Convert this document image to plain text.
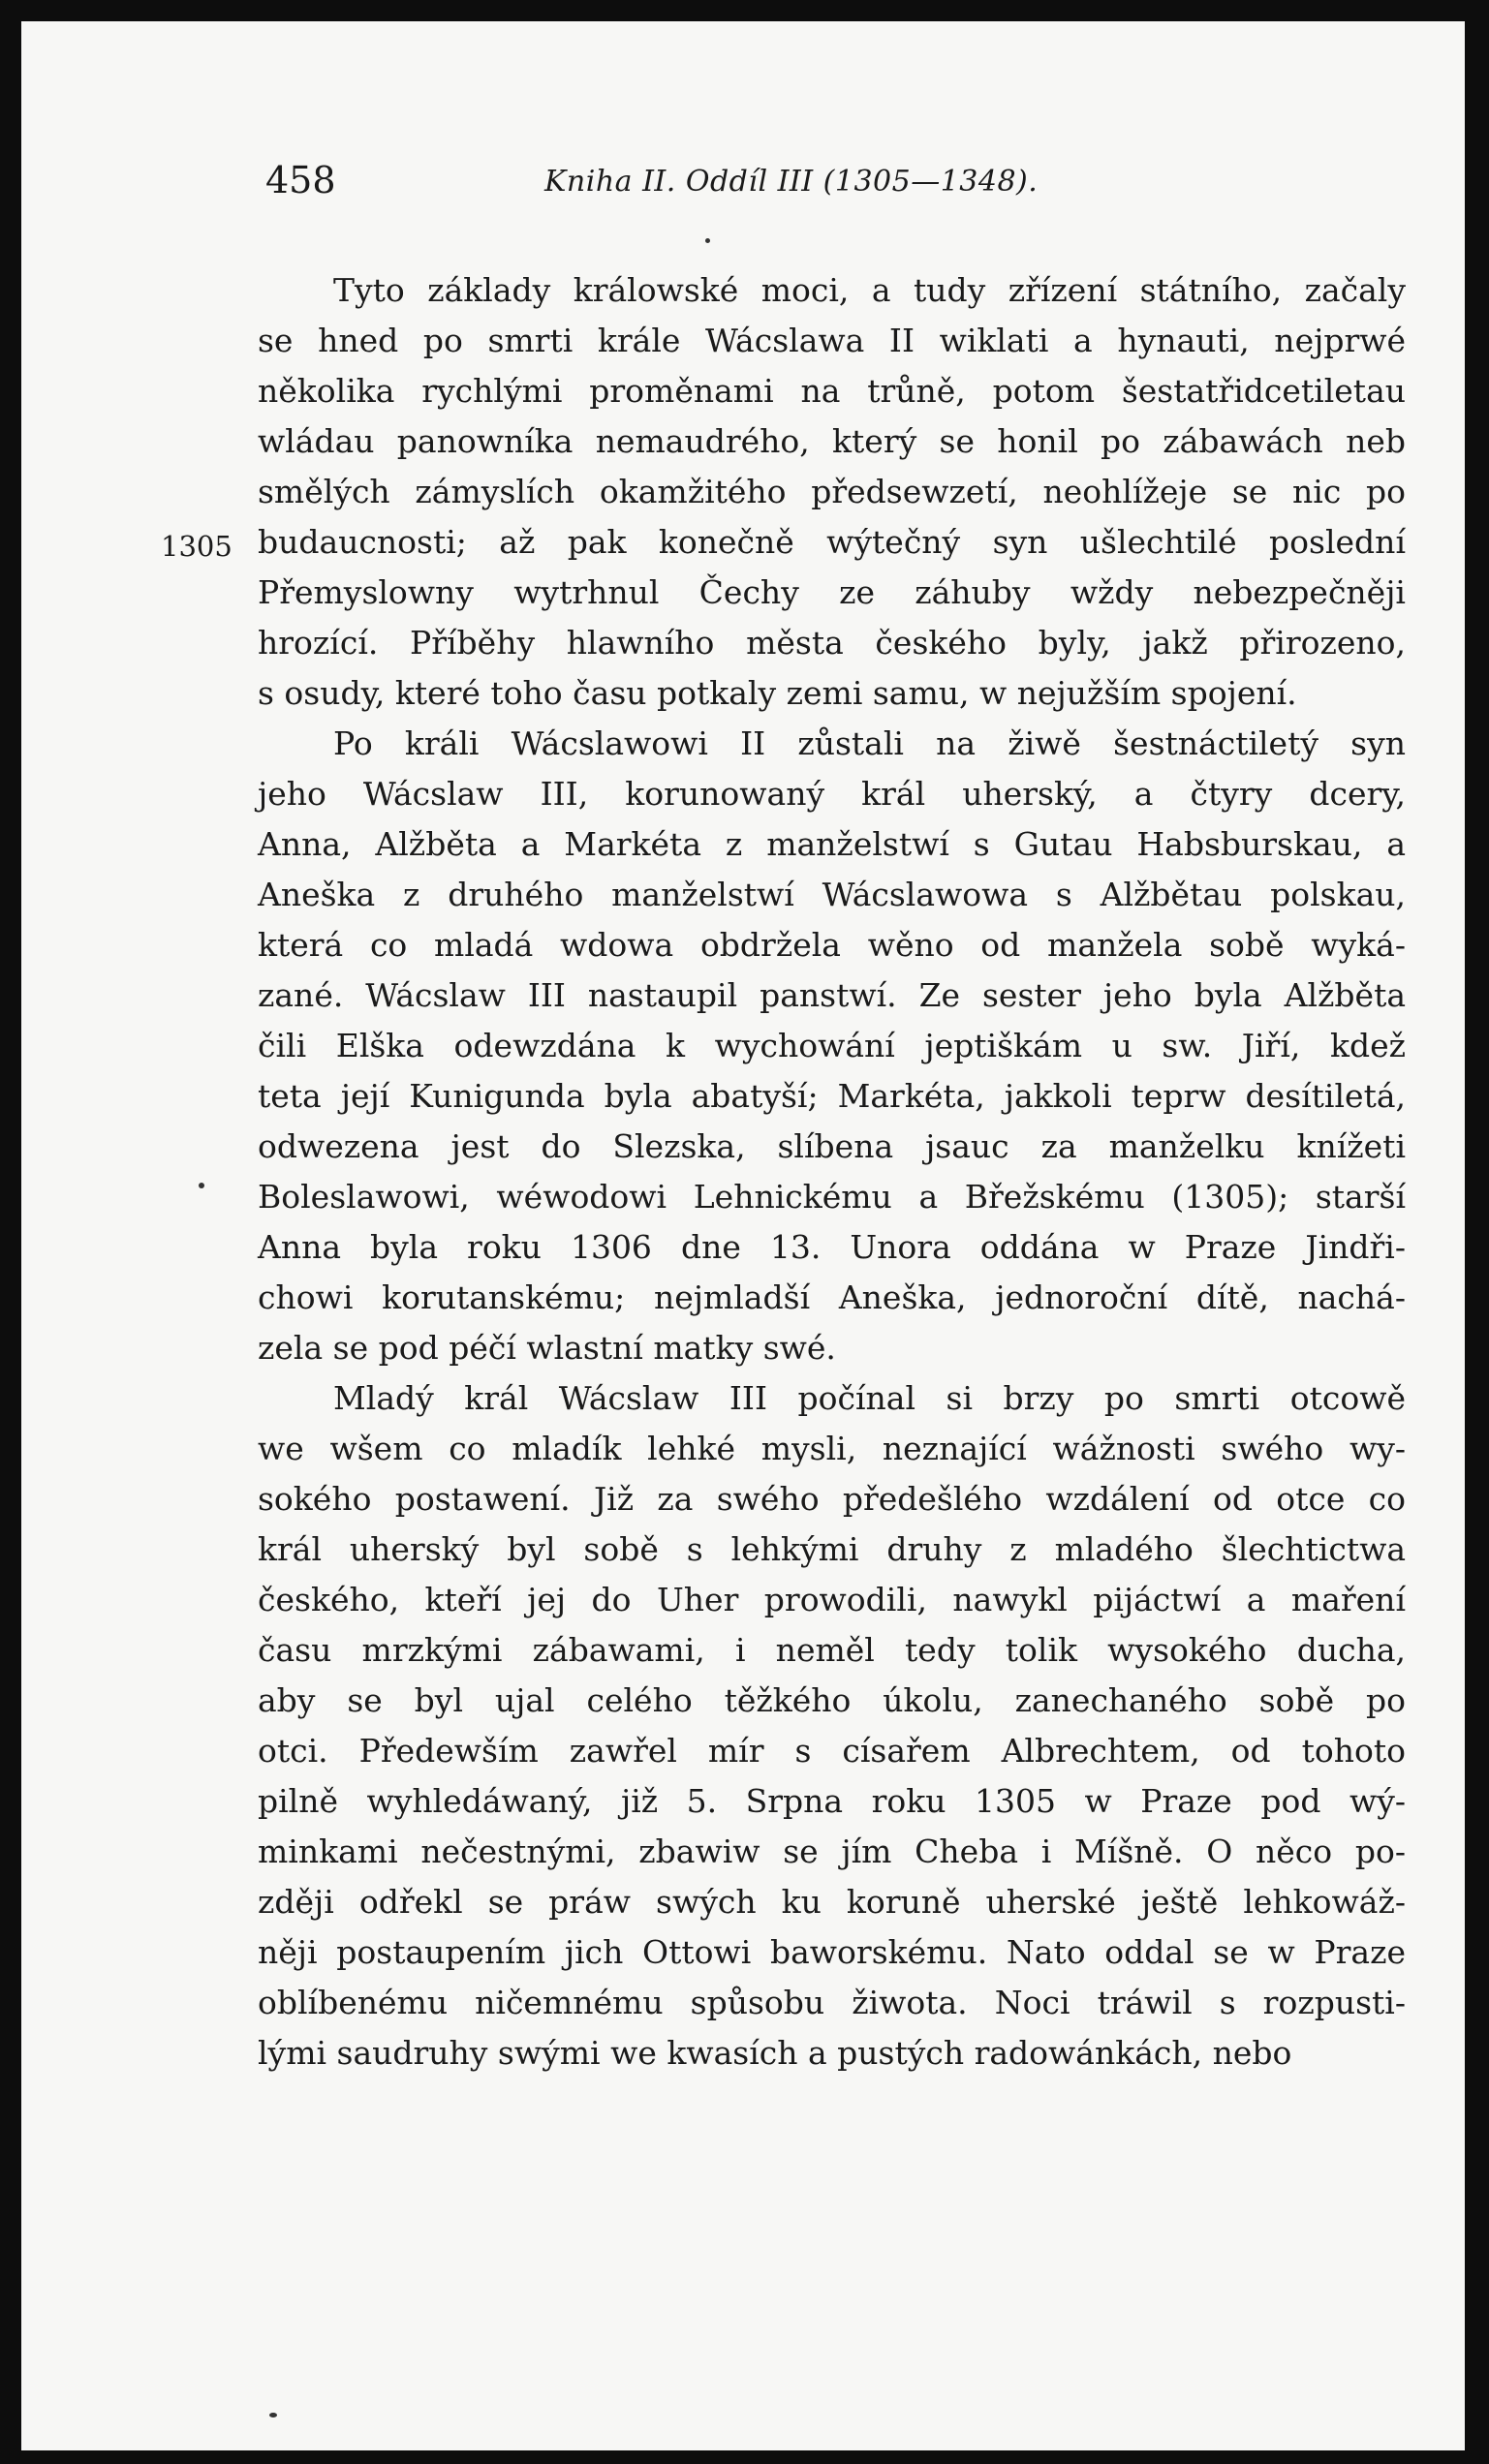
458	Kniha II. Oddíl III (1305—1348).
1305
Tyto základy králowské moci, a tudy zřízení státního, začaly
se hned po smrti krále Wácslawa II wiklati a hynauti, nejprwé
několika rychlými proměnami na trůně, potom šestatřidcetiletau
wládau panowníka nemaudrého, který se honil po zábawách neb
smělých zámyslích okamžitého předsewzetí, neohlížeje se nic po
budaucnosti; až pak konečně wýtečný syn ušlechtilé poslední
Přemyslowny wytrhnul Čechy ze záhuby wždy nebezpečněji
hrozící. Příběhy hlawního města českého byly, jakž přirozeno,
s osudy, které toho času potkaly zemi samu, w nejužším spojení.
Po králi Wácslawowi II zůstali na žiwě šestnáctiletý syn
jeho Wácslaw III, korunowaný král uherský, a čtyry dcery,
Anna, Alžběta a Markéta z manželstwí s Gutau Habsburskau, a
Aneška z druhého manželstwí Wácslawowa s Alžbětau polskau,
která co mladá wdowa obdržela wěno od manžela sobě wyká-
zané. Wácslaw III nastaupil panstwí. Ze sester jeho byla Alžběta
čili Elška odewzdána k wychowání jeptiškám u sw. Jiří, kdež
teta její Kunigunda byla abatyší; Markéta, jakkoli teprw desítiletá,
odwezena jest do Slezska, slíbena jsauc za manželku knížeti
Boleslawowi, wéwodowi Lehnickému a Břežskému (1305); starší
Anna byla roku 1306 dne 13. Unora oddána w Praze Jindři-
chowi korutanskému; nejmladší Aneška, jednoroční dítě, nachá-
zela se pod péčí wlastní matky swé.
Mladý král Wácslaw III počínal si brzy po smrti otcowě
we wšem co mladík lehké mysli, neznající wážnosti swého wy-
sokého postawení. Již za swého předešlého wzdálení od otce co
král uherský byl sobě s lehkými druhy z mladého šlechtictwa
českého, kteří jej do Uher prowodili, nawykl pijáctwí a maření
času mrzkými zábawami, i neměl tedy tolik wysokého ducha,
aby se byl ujal celého těžkého úkolu, zanechaného sobě po
otci. Předewším zawřel mír s císařem Albrechtem, od tohoto
pilně wyhledáwaný, již 5. Srpna roku 1305 w Praze pod wý-
minkami nečestnými, zbawiw se jím Cheba i Míšně. O něco po-
zději odřekl se práw swých ku koruně uherské ještě lehkowáž-
něji postaupením jich Ottowi baworskému. Nato oddal se w Praze
oblíbenému ničemnému spůsobu žiwota. Noci tráwil s rozpusti-
lými saudruhy swými we kwasích a pustých radowánkách, nebo
